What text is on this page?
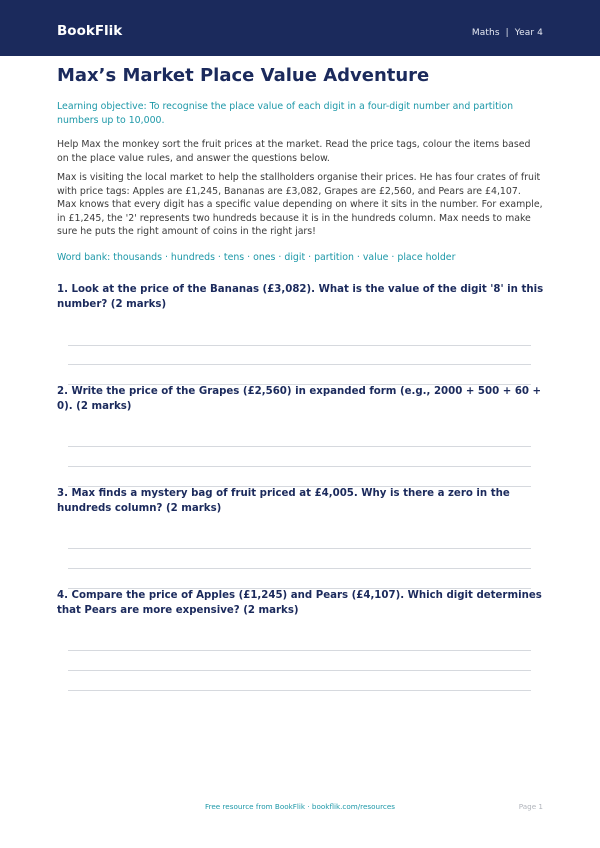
BookFlik	Maths | Year 4
Max’s Market Place Value Adventure
Learning objective: To recognise the place value of each digit in a four-digit number and partition numbers up to 10,000.
Help Max the monkey sort the fruit prices at the market. Read the price tags, colour the items based on the place value rules, and answer the questions below.
Max is visiting the local market to help the stallholders organise their prices. He has four crates of fruit with price tags: Apples are £1,245, Bananas are £3,082, Grapes are £2,560, and Pears are £4,107. Max knows that every digit has a specific value depending on where it sits in the number. For example, in £1,245, the '2' represents two hundreds because it is in the hundreds column. Max needs to make sure he puts the right amount of coins in the right jars!
Word bank: thousands · hundreds · tens · ones · digit · partition · value · place holder
1. Look at the price of the Bananas (£3,082). What is the value of the digit '8' in this number? (2 marks)
2. Write the price of the Grapes (£2,560) in expanded form (e.g., 2000 + 500 + 60 + 0). (2 marks)
3. Max finds a mystery bag of fruit priced at £4,005. Why is there a zero in the hundreds column? (2 marks)
4. Compare the price of Apples (£1,245) and Pears (£4,107). Which digit determines that Pears are more expensive? (2 marks)
Free resource from BookFlik · bookflik.com/resources	Page 1
